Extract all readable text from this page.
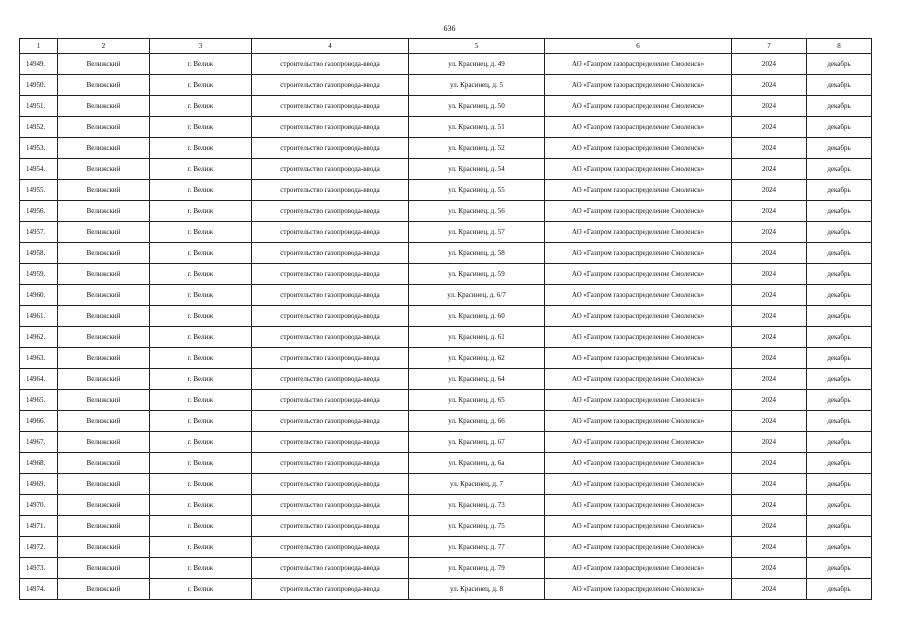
636
1	2	3	4	5	6	7	8
14949.	Велижский	г. Велиж	строительство газопровода-ввода	ул. Красинец, д. 49	АО «Газпром газораспределение Смоленск»	2024	декабрь
14950.	Велижский	г. Велиж	строительство газопровода-ввода	ул. Красинец, д. 5	АО «Газпром газораспределение Смоленск»	2024	декабрь
14951.	Велижский	г. Велиж	строительство газопровода-ввода	ул. Красинец, д. 50	АО «Газпром газораспределение Смоленск»	2024	декабрь
14952.	Велижский	г. Велиж	строительство газопровода-ввода	ул. Красинец, д. 51	АО «Газпром газораспределение Смоленск»	2024	декабрь
14953.	Велижский	г. Велиж	строительство газопровода-ввода	ул. Красинец, д. 52	АО «Газпром газораспределение Смоленск»	2024	декабрь
14954.	Велижский	г. Велиж	строительство газопровода-ввода	ул. Красинец, д. 54	АО «Газпром газораспределение Смоленск»	2024	декабрь
14955.	Велижский	г. Велиж	строительство газопровода-ввода	ул. Красинец, д. 55	АО «Газпром газораспределение Смоленск»	2024	декабрь
14956.	Велижский	г. Велиж	строительство газопровода-ввода	ул. Красинец, д. 56	АО «Газпром газораспределение Смоленск»	2024	декабрь
14957.	Велижский	г. Велиж	строительство газопровода-ввода	ул. Красинец, д. 57	АО «Газпром газораспределение Смоленск»	2024	декабрь
14958.	Велижский	г. Велиж	строительство газопровода-ввода	ул. Красинец, д. 58	АО «Газпром газораспределение Смоленск»	2024	декабрь
14959.	Велижский	г. Велиж	строительство газопровода-ввода	ул. Красинец, д. 59	АО «Газпром газораспределение Смоленск»	2024	декабрь
14960.	Велижский	г. Велиж	строительство газопровода-ввода	ул. Красинец, д. 6/7	АО «Газпром газораспределение Смоленск»	2024	декабрь
14961.	Велижский	г. Велиж	строительство газопровода-ввода	ул. Красинец, д. 60	АО «Газпром газораспределение Смоленск»	2024	декабрь
14962.	Велижский	г. Велиж	строительство газопровода-ввода	ул. Красинец, д. 61	АО «Газпром газораспределение Смоленск»	2024	декабрь
14963.	Велижский	г. Велиж	строительство газопровода-ввода	ул. Красинец, д. 62	АО «Газпром газораспределение Смоленск»	2024	декабрь
14964.	Велижский	г. Велиж	строительство газопровода-ввода	ул. Красинец, д. 64	АО «Газпром газораспределение Смоленск»	2024	декабрь
14965.	Велижский	г. Велиж	строительство газопровода-ввода	ул. Красинец, д. 65	АО «Газпром газораспределение Смоленск»	2024	декабрь
14966.	Велижский	г. Велиж	строительство газопровода-ввода	ул. Красинец, д. 66	АО «Газпром газораспределение Смоленск»	2024	декабрь
14967.	Велижский	г. Велиж	строительство газопровода-ввода	ул. Красинец, д. 67	АО «Газпром газораспределение Смоленск»	2024	декабрь
14968.	Велижский	г. Велиж	строительство газопровода-ввода	ул. Красинец, д. 6а	АО «Газпром газораспределение Смоленск»	2024	декабрь
14969.	Велижский	г. Велиж	строительство газопровода-ввода	ул. Красинец, д. 7	АО «Газпром газораспределение Смоленск»	2024	декабрь
14970.	Велижский	г. Велиж	строительство газопровода-ввода	ул. Красинец, д. 73	АО «Газпром газораспределение Смоленск»	2024	декабрь
14971.	Велижский	г. Велиж	строительство газопровода-ввода	ул. Красинец, д. 75	АО «Газпром газораспределение Смоленск»	2024	декабрь
14972.	Велижский	г. Велиж	строительство газопровода-ввода	ул. Красинец, д. 77	АО «Газпром газораспределение Смоленск»	2024	декабрь
14973.	Велижский	г. Велиж	строительство газопровода-ввода	ул. Красинец, д. 79	АО «Газпром газораспределение Смоленск»	2024	декабрь
14974.	Велижский	г. Велиж	строительство газопровода-ввода	ул. Красинец, д. 8	АО «Газпром газораспределение Смоленск»	2024	декабрь
